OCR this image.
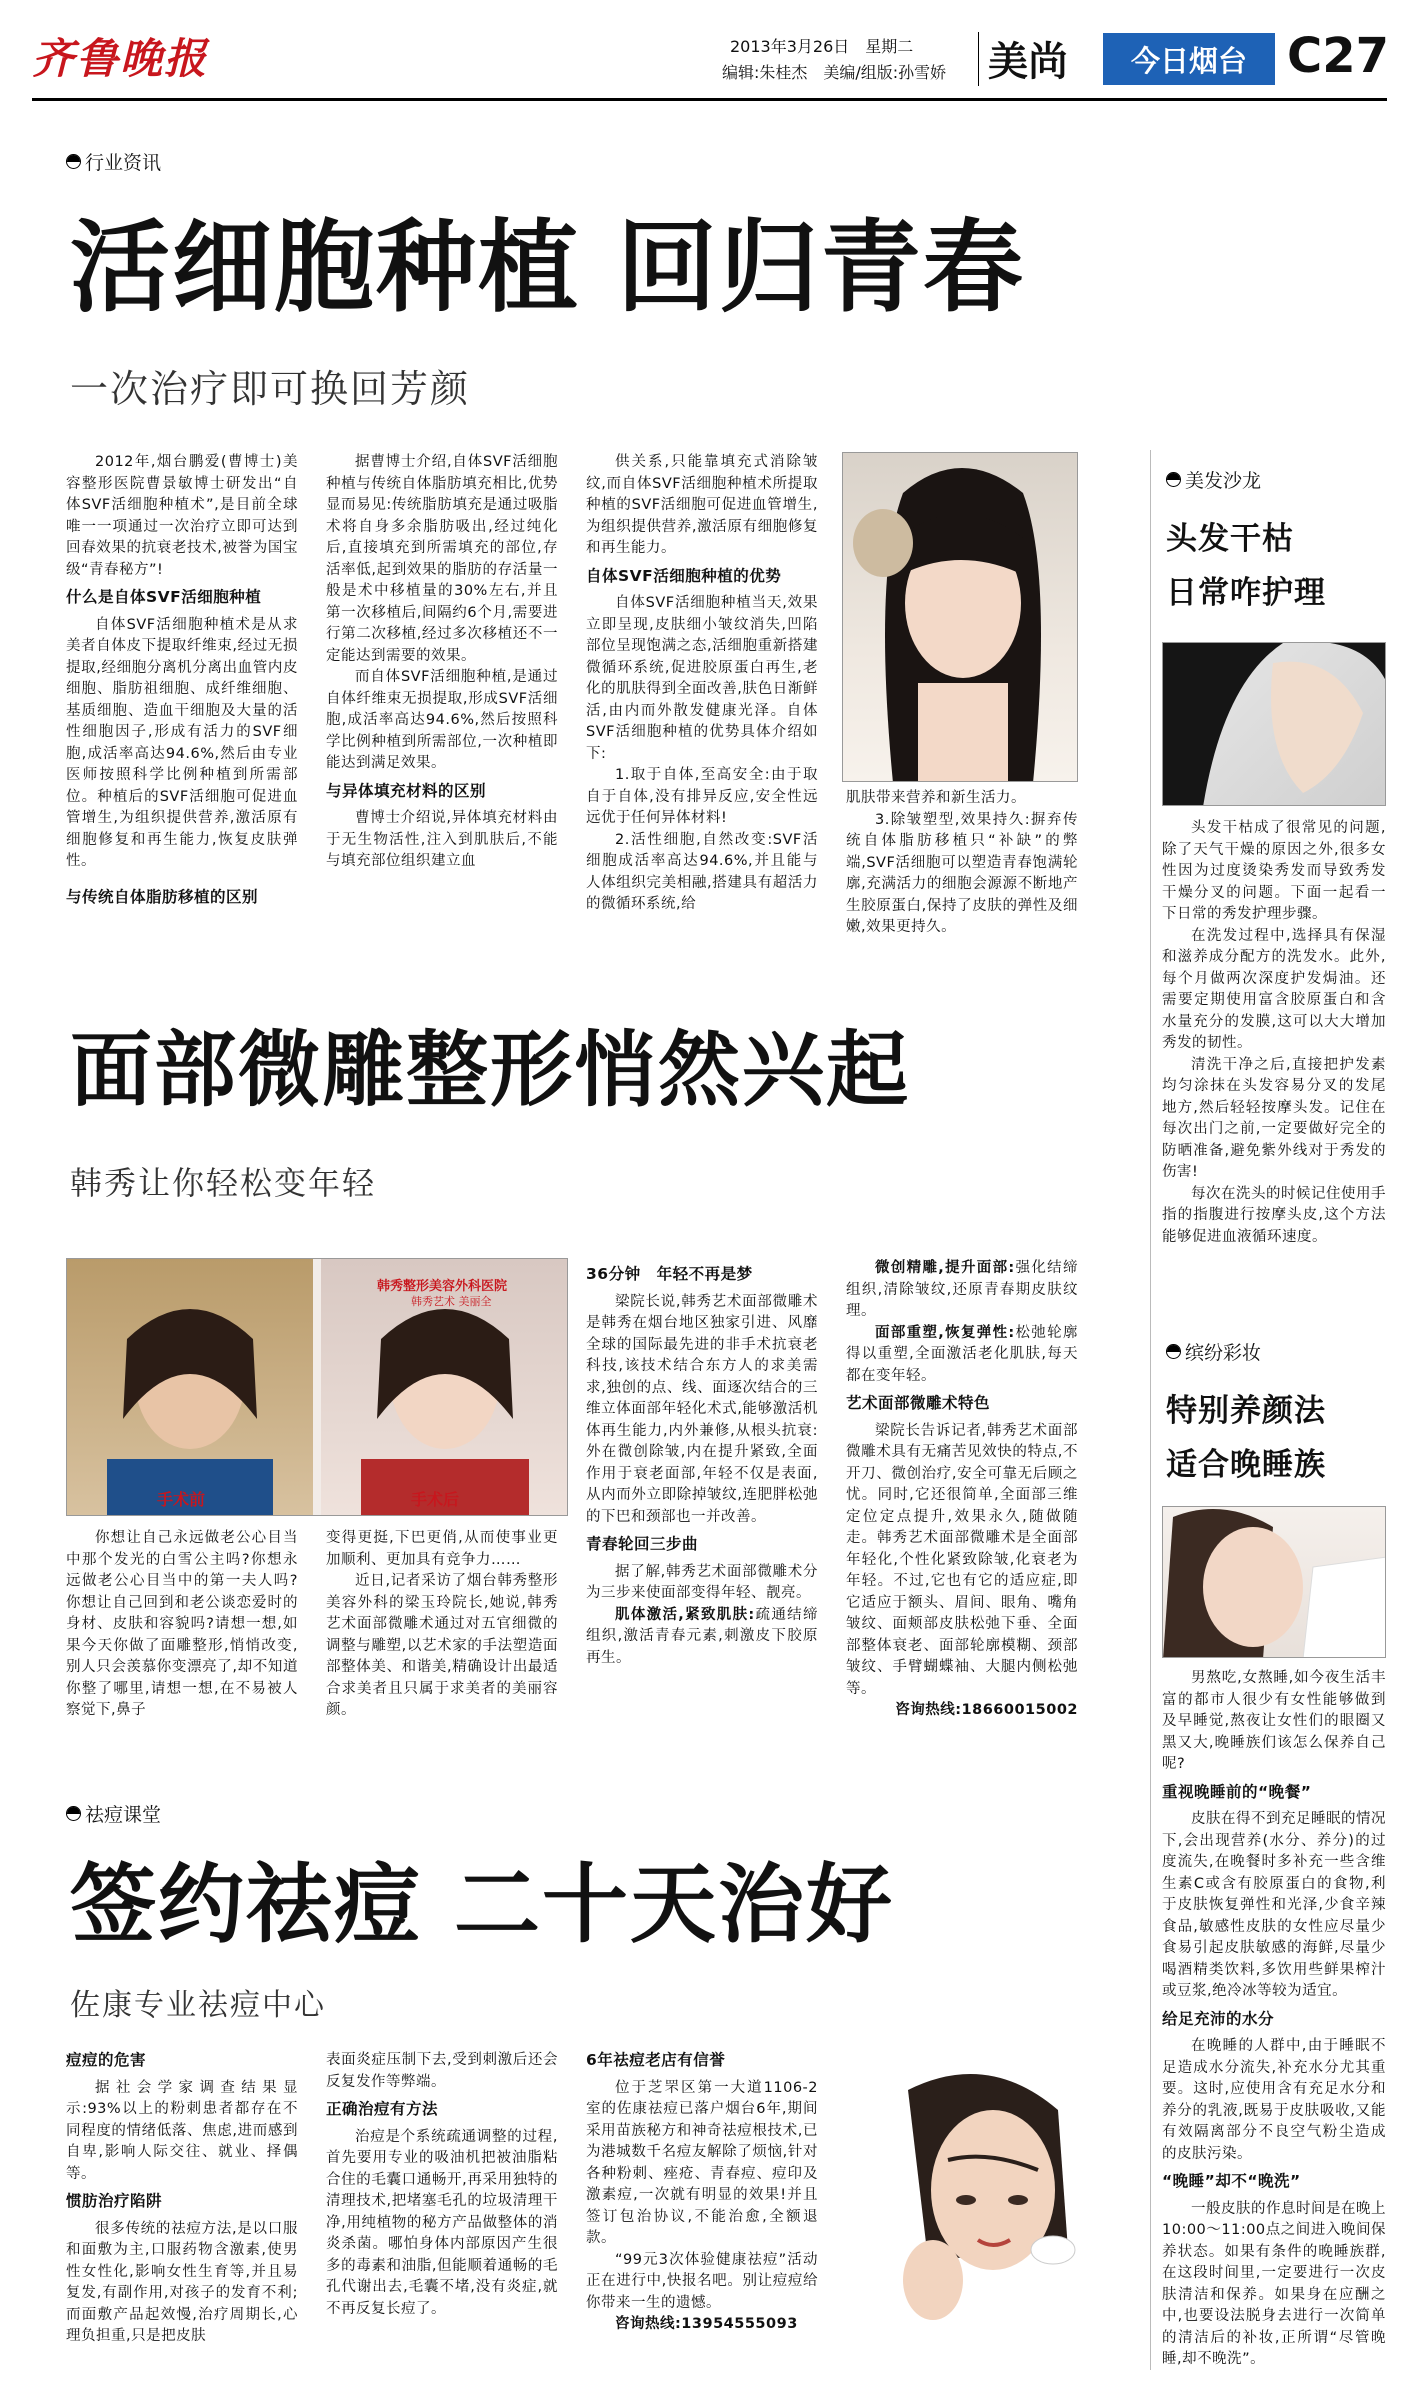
齐鲁晚报	2013年3月26日　星期二
编辑:朱桂杰　美编/组版:孙雪娇 美尚 今日烟台 C27
行业资讯
活细胞种植 回归青春
一次治疗即可换回芳颜

2012年,烟台鹏爱(曹博士)美容整形医院曹景敏博士研发出“自体SVF活细胞种植术”,是目前全球唯一一项通过一次治疗立即可达到回春效果的抗衰老技术,被誉为国宝级“青春秘方”!

什么是自体SVF活细胞种植

自体SVF活细胞种植术是从求美者自体皮下提取纤维束,经过无损提取,经细胞分离机分离出血管内皮细胞、脂肪祖细胞、成纤维细胞、基质细胞、造血干细胞及大量的活性细胞因子,形成有活力的SVF细胞,成活率高达94.6%,然后由专业医师按照科学比例种植到所需部位。种植后的SVF活细胞可促进血管增生,为组织提供营养,激活原有细胞修复和再生能力,恢复皮肤弹性。

与传统自体脂肪移植的区别

据曹博士介绍,自体SVF活细胞种植与传统自体脂肪填充相比,优势显而易见:传统脂肪填充是通过吸脂术将自身多余脂肪吸出,经过纯化后,直接填充到所需填充的部位,存活率低,起到效果的脂肪的存活量一般是术中移植量的30%左右,并且第一次移植后,间隔约6个月,需要进行第二次移植,经过多次移植还不一定能达到需要的效果。

而自体SVF活细胞种植,是通过自体纤维束无损提取,形成SVF活细胞,成活率高达94.6%,然后按照科学比例种植到所需部位,一次种植即能达到满足效果。

与异体填充材料的区别

曹博士介绍说,异体填充材料由于无生物活性,注入到肌肤后,不能与填充部位组织建立血

供关系,只能靠填充式消除皱纹,而自体SVF活细胞种植术所提取种植的SVF活细胞可促进血管增生,为组织提供营养,激活原有细胞修复和再生能力。

自体SVF活细胞种植的优势

自体SVF活细胞种植当天,效果立即呈现,皮肤细小皱纹消失,凹陷部位呈现饱满之态,活细胞重新搭建微循环系统,促进胶原蛋白再生,老化的肌肤得到全面改善,肤色日渐鲜活,由内而外散发健康光泽。自体SVF活细胞种植的优势具体介绍如下:

1.取于自体,至高安全:由于取自于自体,没有排异反应,安全性远远优于任何异体材料!

2.活性细胞,自然改变:SVF活细胞成活率高达94.6%,并且能与人体组织完美相融,搭建具有超活力的微循环系统,给

肌肤带来营养和新生活力。

3.除皱塑型,效果持久:摒弃传统自体脂肪移植只“补缺”的弊端,SVF活细胞可以塑造青春饱满轮廓,充满活力的细胞会源源不断地产生胶原蛋白,保持了皮肤的弹性及细嫩,效果更持久。

面部微雕整形悄然兴起
韩秀让你轻松变年轻
手术前
韩秀整形美容外科医院
韩秀艺术 美丽全
手术后

你想让自己永远做老公心目当中那个发光的白雪公主吗?你想永远做老公心目当中的第一夫人吗?你想让自己回到和老公谈恋爱时的身材、皮肤和容貌吗?请想一想,如果今天你做了面雕整形,悄悄改变,别人只会羡慕你变漂亮了,却不知道你整了哪里,请想一想,在不易被人察觉下,鼻子

变得更挺,下巴更俏,从而使事业更加顺利、更加具有竞争力……

近日,记者采访了烟台韩秀整形美容外科的梁玉玲院长,她说,韩秀艺术面部微雕术通过对五官细微的调整与雕塑,以艺术家的手法塑造面部整体美、和谐美,精确设计出最适合求美者且只属于求美者的美丽容颜。

36分钟　年轻不再是梦

梁院长说,韩秀艺术面部微雕术是韩秀在烟台地区独家引进、风靡全球的国际最先进的非手术抗衰老科技,该技术结合东方人的求美需求,独创的点、线、面逐次结合的三维立体面部年轻化术式,能够激活机体再生能力,内外兼修,从根头抗衰:外在微创除皱,内在提升紧致,全面作用于衰老面部,年轻不仅是表面,从内而外立即除掉皱纹,连肥胖松弛的下巴和颈部也一并改善。

青春轮回三步曲

据了解,韩秀艺术面部微雕术分为三步来使面部变得年轻、靓亮。

肌体激活,紧致肌肤:疏通结缔组织,激活青春元素,刺激皮下胶原再生。

微创精雕,提升面部:强化结缔组织,清除皱纹,还原青春期皮肤纹理。

面部重塑,恢复弹性:松弛轮廓得以重塑,全面激活老化肌肤,每天都在变年轻。

艺术面部微雕术特色

梁院长告诉记者,韩秀艺术面部微雕术具有无痛苦见效快的特点,不开刀、微创治疗,安全可靠无后顾之忧。同时,它还很简单,全面部三维定位定点提升,效果永久,随做随走。韩秀艺术面部微雕术是全面部年轻化,个性化紧致除皱,化衰老为年轻。不过,它也有它的适应症,即它适应于额头、眉间、眼角、嘴角皱纹、面颊部皮肤松弛下垂、全面部整体衰老、面部轮廓模糊、颈部皱纹、手臂蝴蝶袖、大腿内侧松弛等。

咨询热线:18660015002

祛痘课堂
签约祛痘 二十天治好
佐康专业祛痘中心

痘痘的危害

据社会学家调查结果显示:93%以上的粉刺患者都存在不同程度的情绪低落、焦虑,进而感到自卑,影响人际交往、就业、择偶等。

惯肪治疗陷阱

很多传统的祛痘方法,是以口服和面敷为主,口服药物含激素,使男性女性化,影响女性生育等,并且易复发,有副作用,对孩子的发育不利;而面敷产品起效慢,治疗周期长,心理负担重,只是把皮肤

表面炎症压制下去,受到刺激后还会反复发作等弊端。

正确治痘有方法

治痘是个系统疏通调整的过程,首先要用专业的吸油机把被油脂粘合住的毛囊口通畅开,再采用独特的清理技术,把堵塞毛孔的垃圾清理干净,用纯植物的秘方产品做整体的消炎杀菌。哪怕身体内部原因产生很多的毒素和油脂,但能顺着通畅的毛孔代谢出去,毛囊不堵,没有炎症,就不再反复长痘了。

6年祛痘老店有信誉

位于芝罘区第一大道1106-2室的佐康祛痘已落户烟台6年,期间采用苗族秘方和神奇祛痘根技术,已为港城数千名痘友解除了烦恼,针对各种粉刺、痤疮、青春痘、痘印及激素痘,一次就有明显的效果!并且签订包治协议,不能治愈,全额退款。

“99元3次体验健康祛痘”活动正在进行中,快报名吧。别让痘痘给你带来一生的遗憾。

咨询热线:13954555093

美发沙龙
头发干枯
日常咋护理

头发干枯成了很常见的问题,除了天气干燥的原因之外,很多女性因为过度烫染秀发而导致秀发干燥分叉的问题。下面一起看一下日常的秀发护理步骤。

在洗发过程中,选择具有保湿和滋养成分配方的洗发水。此外,每个月做两次深度护发焗油。还需要定期使用富含胶原蛋白和含水量充分的发膜,这可以大大增加秀发的韧性。

清洗干净之后,直接把护发素均匀涂抹在头发容易分叉的发尾地方,然后轻轻按摩头发。记住在每次出门之前,一定要做好完全的防晒准备,避免紫外线对于秀发的伤害!

每次在洗头的时候记住使用手指的指腹进行按摩头皮,这个方法能够促进血液循环速度。

缤纷彩妆
特别养颜法
适合晚睡族

男熬吃,女熬睡,如今夜生活丰富的都市人很少有女性能够做到及早睡觉,熬夜让女性们的眼圈又黑又大,晚睡族们该怎么保养自己呢?

重视晚睡前的“晚餐”

皮肤在得不到充足睡眠的情况下,会出现营养(水分、养分)的过度流失,在晚餐时多补充一些含维生素C或含有胶原蛋白的食物,利于皮肤恢复弹性和光泽,少食辛辣食品,敏感性皮肤的女性应尽量少食易引起皮肤敏感的海鲜,尽量少喝酒精类饮料,多饮用些鲜果榨汁或豆浆,绝冷冰等较为适宜。

给足充沛的水分

在晚睡的人群中,由于睡眠不足造成水分流失,补充水分尤其重要。这时,应使用含有充足水分和养分的乳液,既易于皮肤吸收,又能有效隔离部分不良空气粉尘造成的皮肤污染。

“晚睡”却不“晚洗”

一般皮肤的作息时间是在晚上10:00～11:00点之间进入晚间保养状态。如果有条件的晚睡族群,在这段时间里,一定要进行一次皮肤清洁和保养。如果身在应酬之中,也要设法脱身去进行一次简单的清洁后的补妆,正所谓“尽管晚睡,却不晚洗”。
